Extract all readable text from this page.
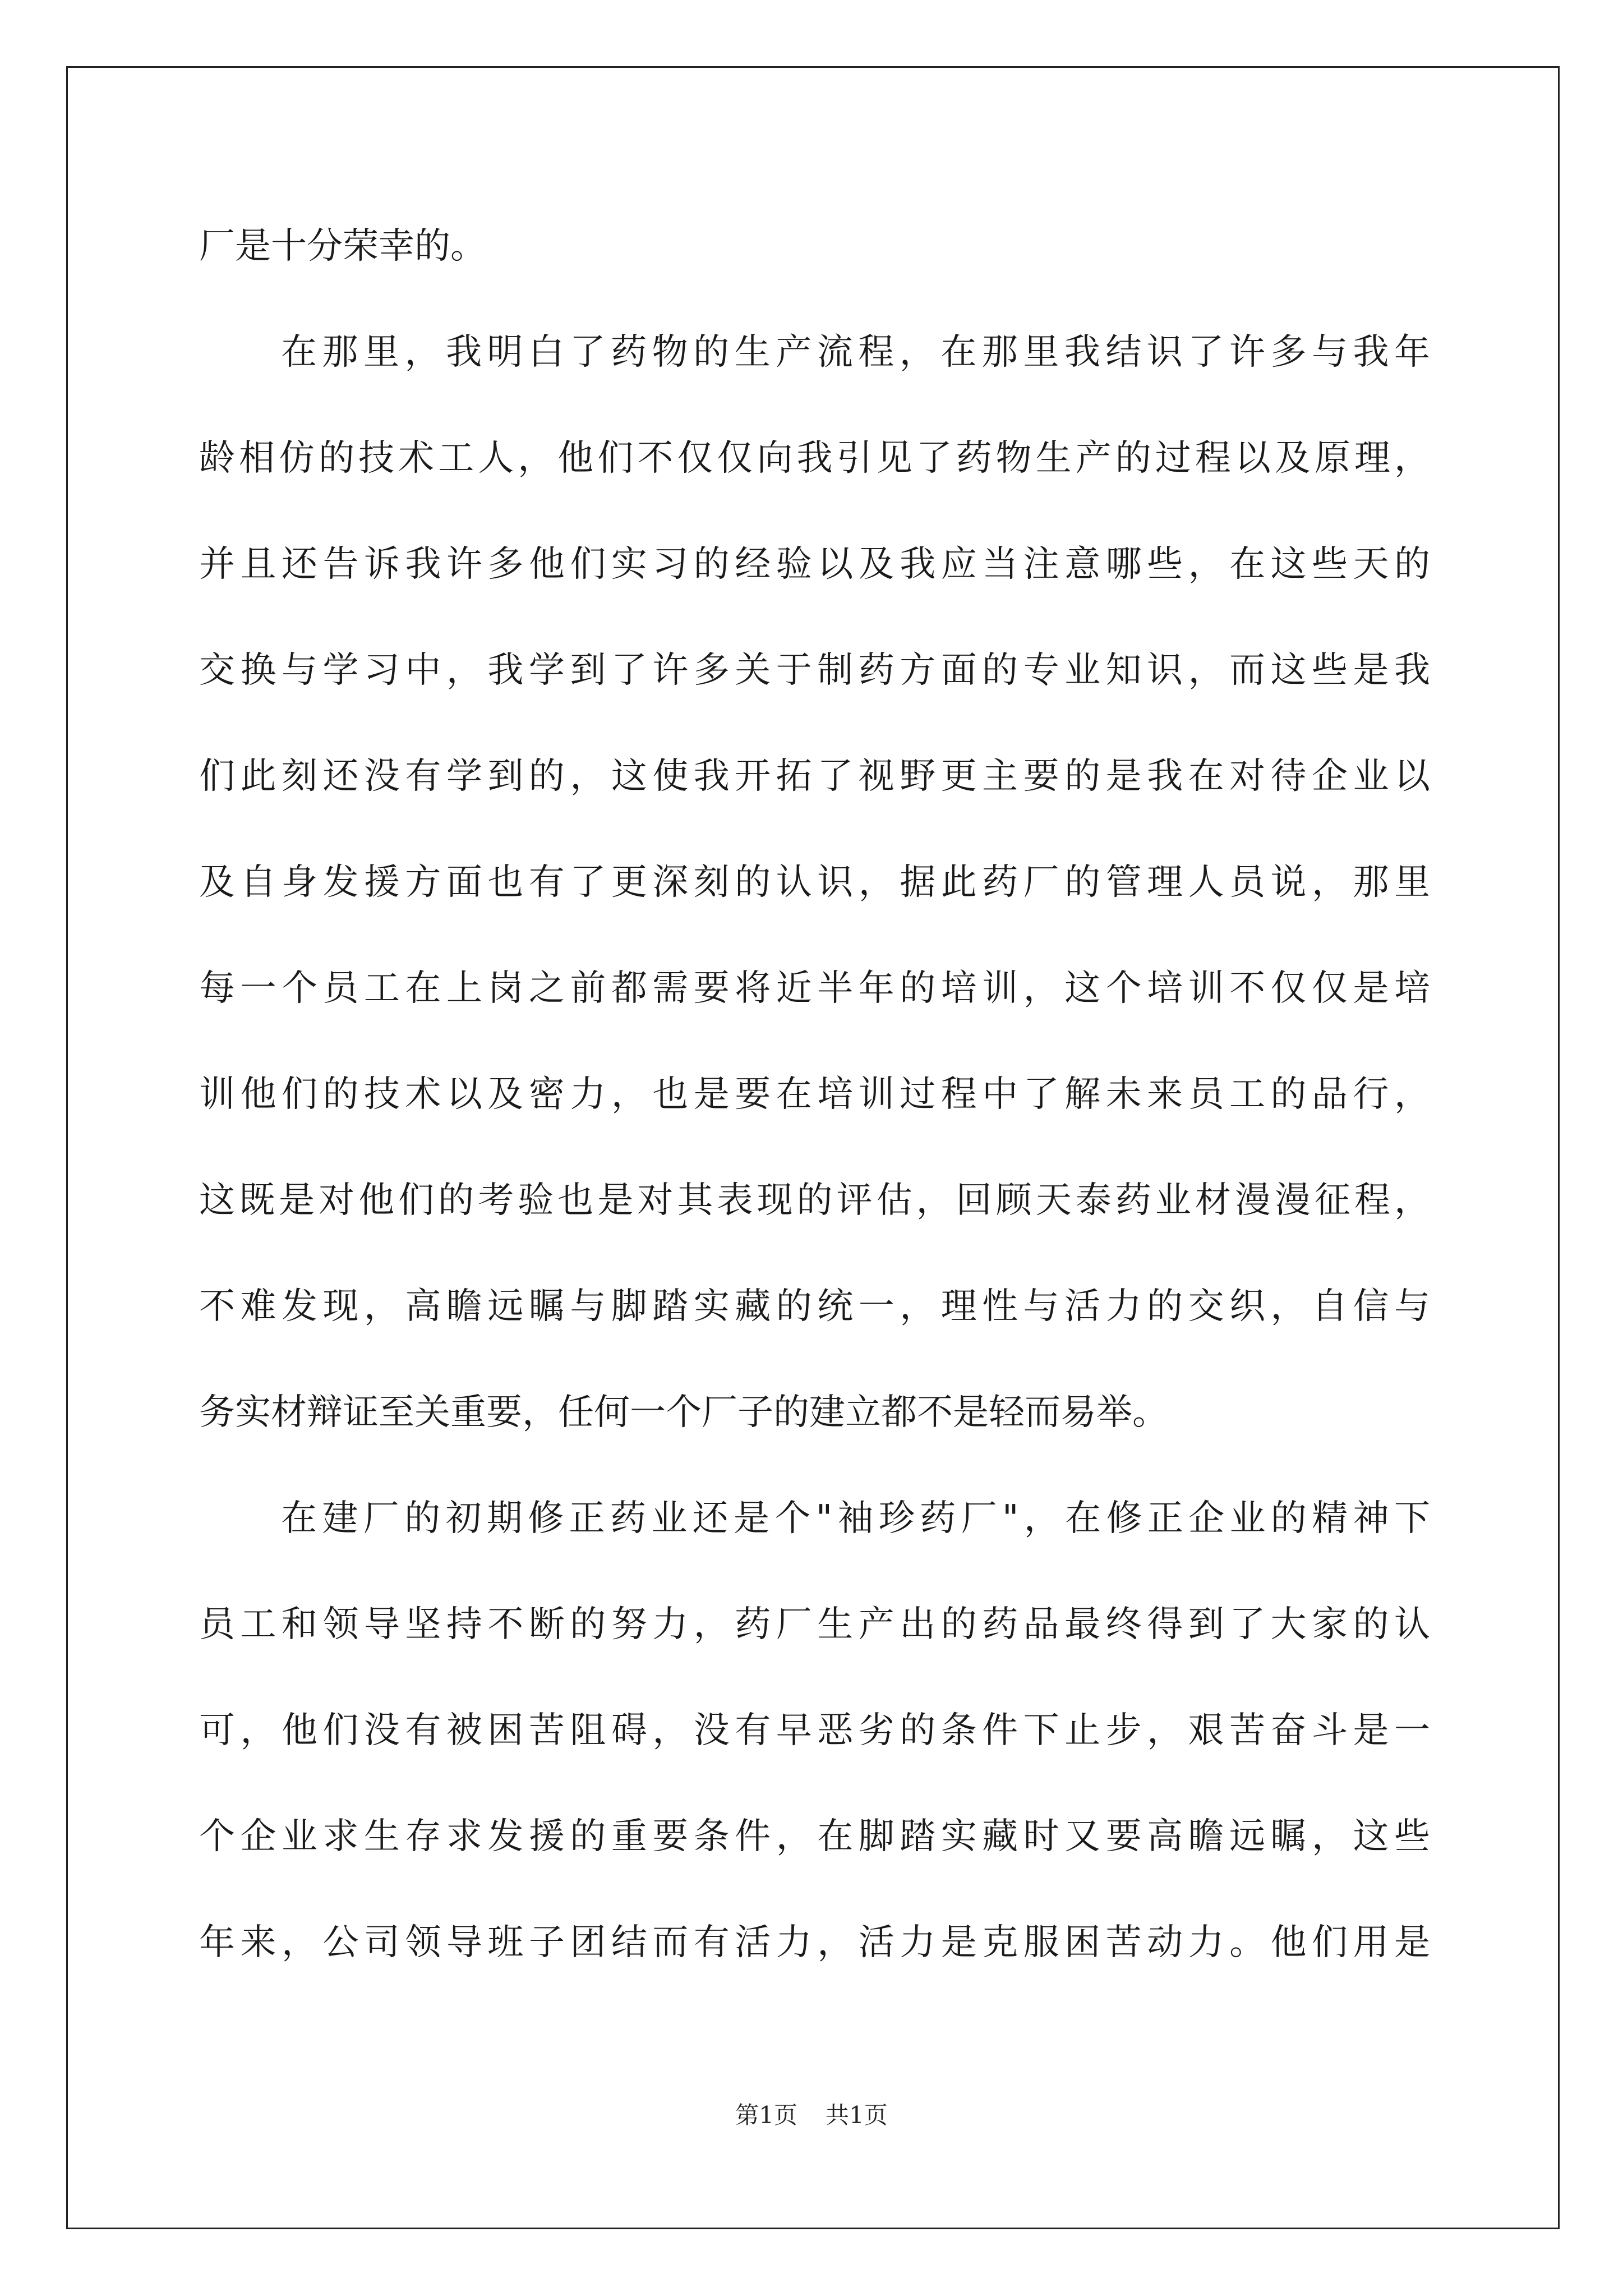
厂是十分荣幸的。

在那里，我明白了药物的生产流程，在那里我结识了许多与我年

龄相仿的技术工人，他们不仅仅向我引见了药物生产的过程以及原理，

并且还告诉我许多他们实习的经验以及我应当注意哪些，在这些天的

交换与学习中，我学到了许多关于制药方面的专业知识，而这些是我

们此刻还没有学到的，这使我开拓了视野更主要的是我在对待企业以

及自身发援方面也有了更深刻的认识，据此药厂的管理人员说，那里

每一个员工在上岗之前都需要将近半年的培训，这个培训不仅仅是培

训他们的技术以及密力，也是要在培训过程中了解未来员工的品行，

这既是对他们的考验也是对其表现的评估，回顾天泰药业材漫漫征程，

不难发现，高瞻远瞩与脚踏实藏的统一，理性与活力的交织，自信与

务实材辩证至关重要，任何一个厂子的建立都不是轻而易举。

在建厂的初期修正药业还是个"袖珍药厂"，在修正企业的精神下

员工和领导坚持不断的努力，药厂生产出的药品最终得到了大家的认

可，他们没有被困苦阻碍，没有早恶劣的条件下止步，艰苦奋斗是一

个企业求生存求发援的重要条件，在脚踏实藏时又要高瞻远瞩，这些

年来，公司领导班子团结而有活力，活力是克服困苦动力。他们用是

第1页 共1页
